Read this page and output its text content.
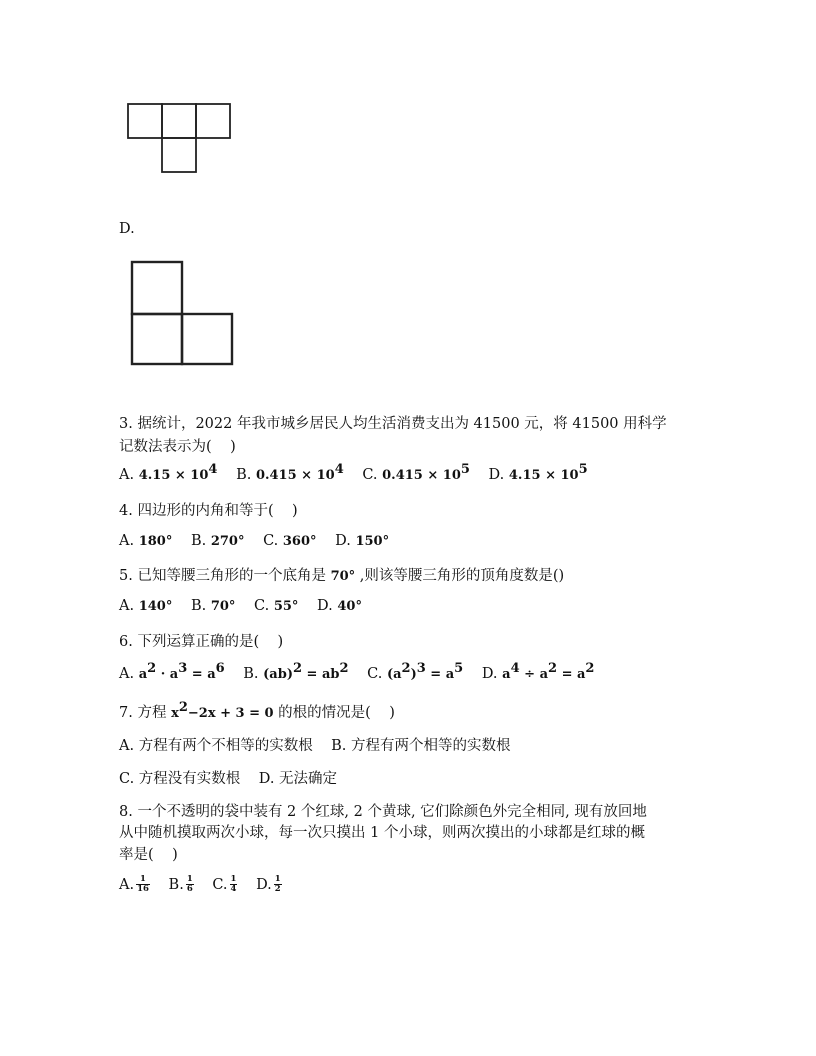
D.
3. 据统计，2022 年我市城乡居民人均生活消费支出为 41500 元，将 41500 用科学
记数法表示为(    )
A. $4.15 \times 10^4$ B. $0.415 \times 10^4$ C. $0.415 \times 10^5$ D. $4.15 \times 10^5$
4. 四边形的内角和等于(    )
A. 180° B. 270° C. 360° D. 150°
5. 已知等腰三角形的一个底角是 70° ,则该等腰三角形的顶角度数是()
A. 140° B. 70° C. 55° D. 40°
6. 下列运算正确的是(    )
A. $a^2 \cdot a^3 = a^6$ B. $(ab)^2 = ab^2$ C. $(a^2)^3 = a^5$ D. $a^4 \div a^2 = a^2$
7. 方程 $x^2-2x + 3 = 0$ 的根的情况是(    )
A. 方程有两个不相等的实数根    B. 方程有两个相等的实数根
C. 方程没有实数根    D. 无法确定
8. 一个不透明的袋中装有 2 个红球, 2 个黄球, 它们除颜色外完全相同, 现有放回地
从中随机摸取两次小球，每一次只摸出 1 个小球，则两次摸出的小球都是红球的概
率是(    )
A. $\frac{1}{16} B$. $\frac{1}{6} C$. $\frac{1}{4} D$. $\frac{1}{2}$
